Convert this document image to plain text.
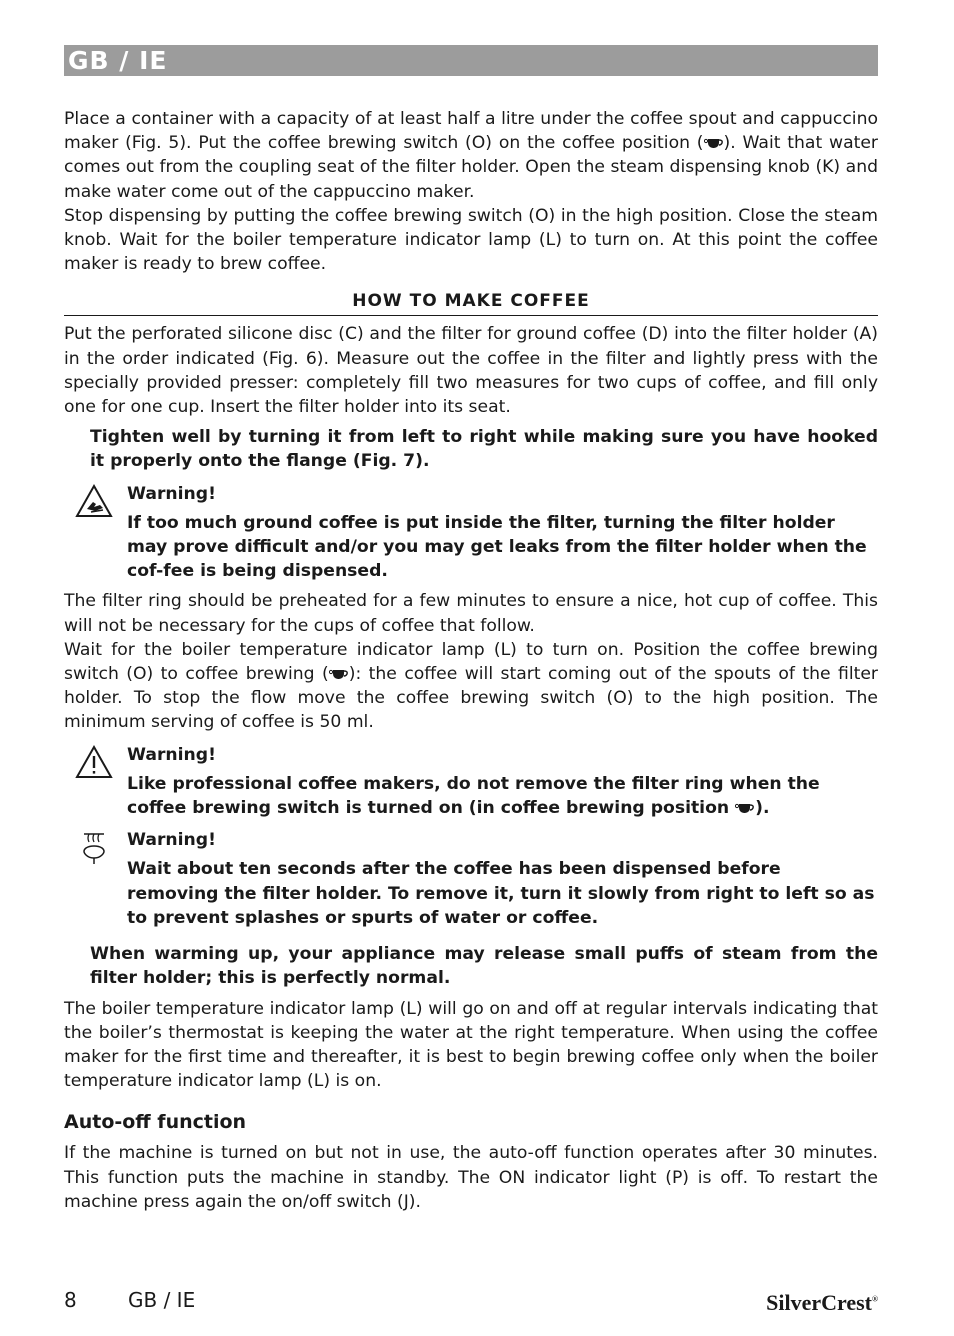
GB / IE

Place a container with a capacity of at least half a litre under the coffee spout and cappuccino maker (Fig. 5). Put the coffee brewing switch (O) on the coffee position ( ). Wait that water comes out from the coupling seat of the filter holder. Open the steam dispensing knob (K) and make water come out of the cappuccino maker.

Stop dispensing by putting the coffee brewing switch (O) in the high position. Close the steam knob. Wait for the boiler temperature indicator lamp (L) to turn on. At this point the coffee maker is ready to brew coffee.

HOW TO MAKE COFFEE

Put the perforated silicone disc (C) and the filter for ground coffee (D) into the filter holder (A) in the order indicated (Fig. 6). Measure out the coffee in the filter and lightly press with the specially provided presser: completely fill two measures for two cups of coffee, and fill only one for one cup. Insert the filter holder into its seat.

Tighten well by turning it from left to right while making sure you have hooked it properly onto the flange (Fig. 7).

Warning!

If too much ground coffee is put inside the filter, turning the filter holder may prove difficult and/or you may get leaks from the filter holder when the cof-fee is being dispensed.

The filter ring should be preheated for a few minutes to ensure a nice, hot cup of coffee. This will not be necessary for the cups of coffee that follow.

Wait for the boiler temperature indicator lamp (L) to turn on. Position the coffee brewing switch (O) to coffee brewing ( ): the coffee will start coming out of the spouts of the filter holder. To stop the flow move the coffee brewing switch (O) to the high position. The minimum serving of coffee is 50 ml.

Warning!

Like professional coffee makers, do not remove the filter ring when the coffee brewing switch is turned on (in coffee brewing position ).

Warning!

Wait about ten seconds after the coffee has been dispensed before removing the filter holder. To remove it, turn it slowly from right to left so as to prevent splashes or spurts of water or coffee.

When warming up, your appliance may release small puffs of steam from the filter holder; this is perfectly normal.

The boiler temperature indicator lamp (L) will go on and off at regular intervals indicating that the boiler’s thermostat is keeping the water at the right temperature. When using the coffee maker for the first time and thereafter, it is best to begin brewing coffee only when the boiler temperature indicator lamp (L) is on.

Auto-off function

If the machine is turned on but not in use, the auto-off function operates after 30 minutes. This function puts the machine in standby. The ON indicator light (P) is off. To restart the machine press again the on/off switch (J).

8	GB / IE	SilverCrest®
